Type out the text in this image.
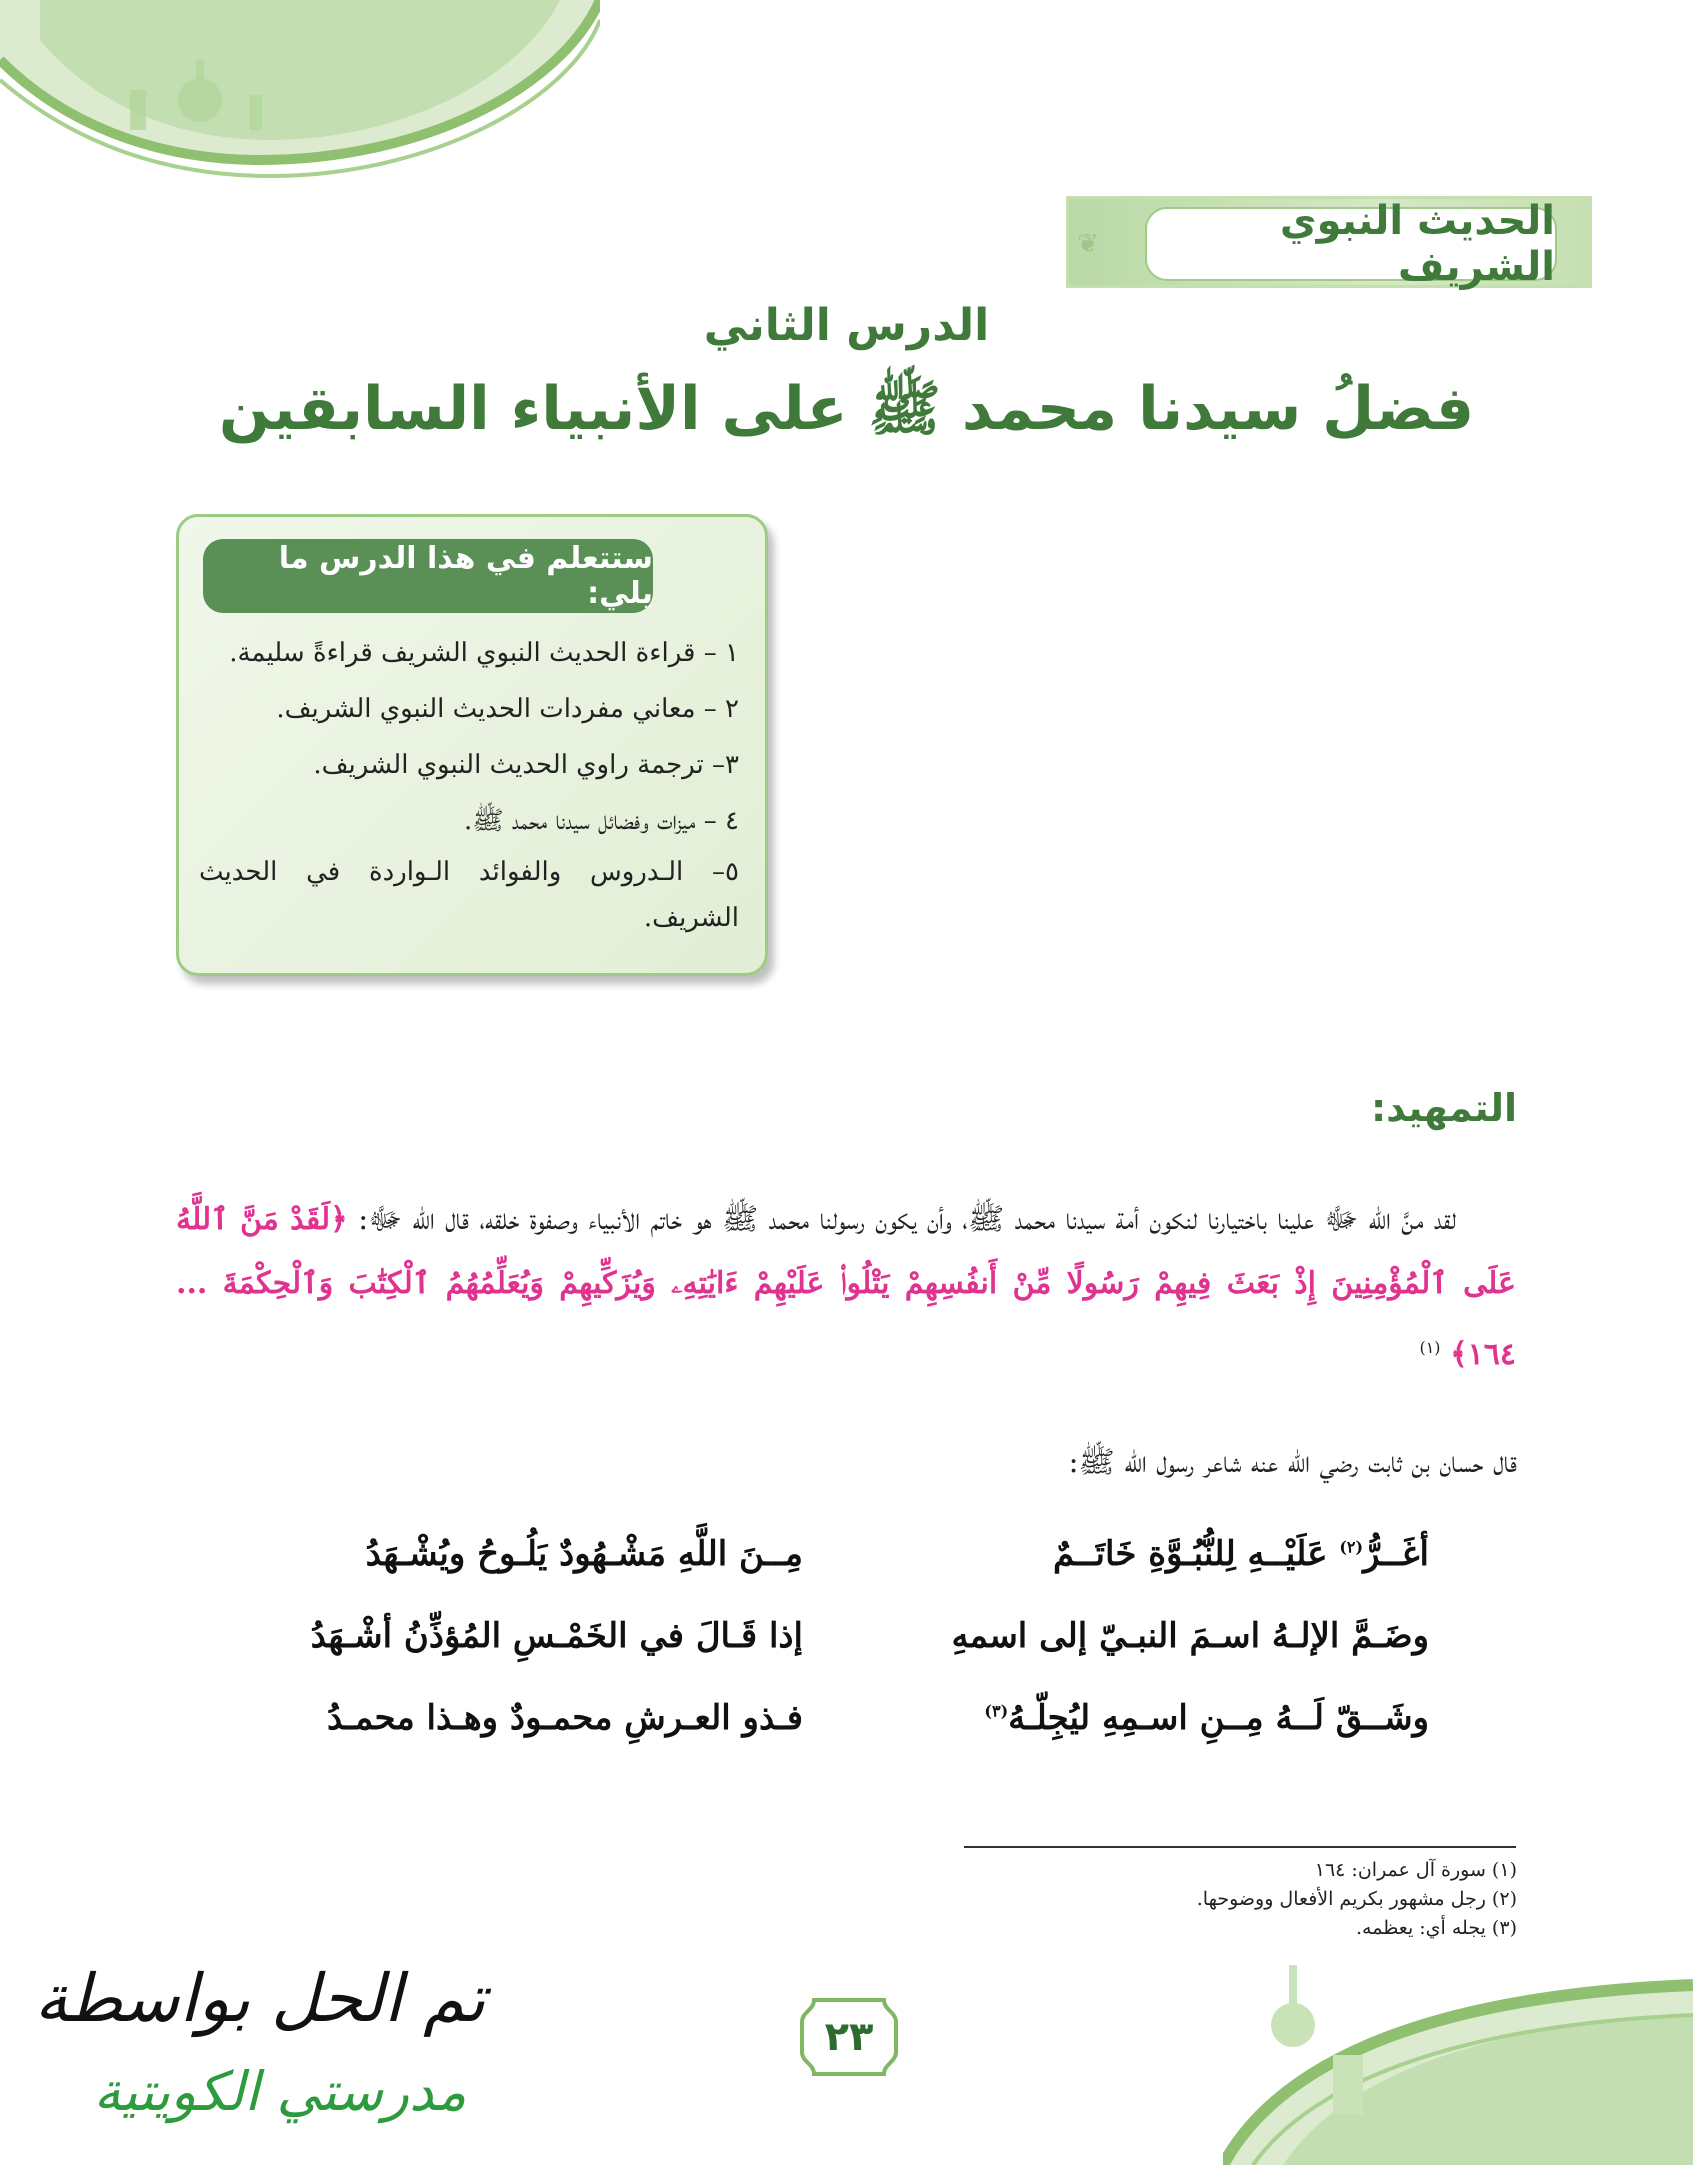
الحديث النبوي الشريف
❦
الدرس الثاني
فضلُ سيدنا محمد ﷺ على الأنبياء السابقين
ستتعلم في هذا الدرس ما يلي:
١ – قراءة الحديث النبوي الشريف قراءةً سليمة.
٢ – معاني مفردات الحديث النبوي الشريف.
٣– ترجمة راوي الحديث النبوي الشريف.
٤ – ميزات وفضائل سيدنا محمد ﷺ.
٥– الـدروس والفوائد الـواردة في الحديث الشريف.
التمهيد:
لقد منَّ الله ﷻ علينا باختيارنا لنكون أمة سيدنا محمد ﷺ، وأن يكون رسولنا محمد ﷺ هو خاتم الأنبياء وصفوة خلقه، قال الله ﷻ: ﴿لَقَدْ مَنَّ ٱللَّهُ عَلَى ٱلْمُؤْمِنِينَ إِذْ بَعَثَ فِيهِمْ رَسُولًا مِّنْ أَنفُسِهِمْ يَتْلُوا۟ عَلَيْهِمْ ءَايَٰتِهِۦ وَيُزَكِّيهِمْ وَيُعَلِّمُهُمُ ٱلْكِتَٰبَ وَٱلْحِكْمَةَ ... ١٦٤﴾ $^{(١)}$
قال حسان بن ثابت رضي الله عنه شاعر رسول الله ﷺ:
أغَــرُّ$^{(٢)}$ عَلَيْــهِ لِلنُّبُـوَّةِ خَاتَــمٌ
مِــنَ اللَّهِ مَشْـهُودٌ يَلُـوحُ ويُشْـهَدُ
وضَـمَّ الإلـهُ اسـمَ النبـيّ إلى اسمهِ
إذا قَـالَ في الخَمْـسِ المُؤذِّنُ أشْـهَدُ
وشَــقّ لَــهُ مِــنِ اسـمِهِ ليُجِلّـهُ$^{(٣)}$
فـذو العـرشِ محمـودٌ وهـذا محمـدُ
(١) سورة آل عمران: ١٦٤
(٢) رجل مشهور بكريم الأفعال ووضوحها.
(٣) يجله أي: يعظمه.
٢٣
تم الحل بواسطة
مدرستي الكويتية
